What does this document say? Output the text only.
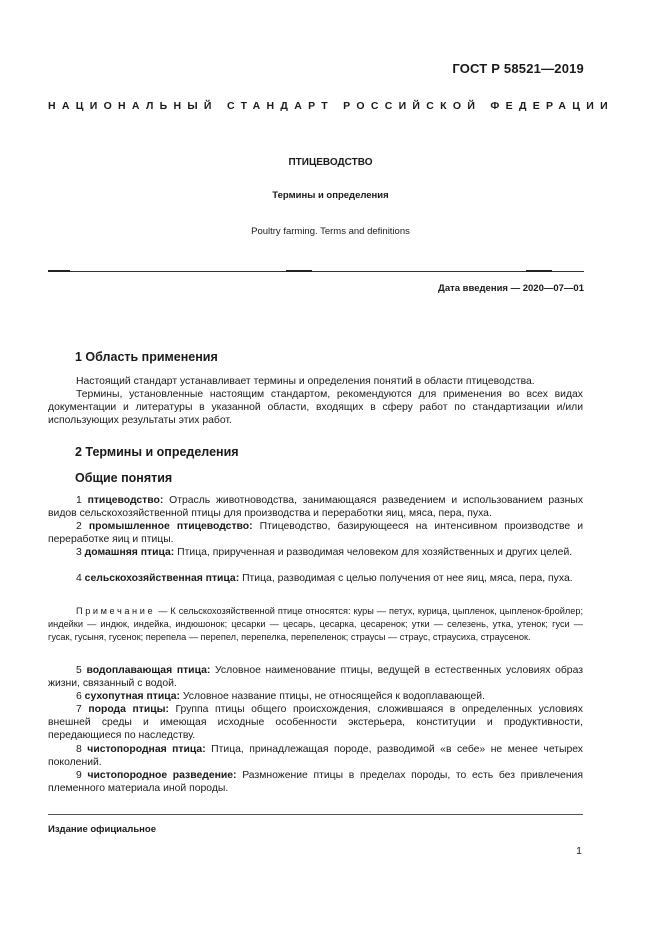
ГОСТ Р 58521—2019
НАЦИОНАЛЬНЫЙ СТАНДАРТ РОССИЙСКОЙ ФЕДЕРАЦИИ
ПТИЦЕВОДСТВО
Термины и определения
Poultry farming. Terms and definitions
Дата введения — 2020—07—01
1 Область применения
Настоящий стандарт устанавливает термины и определения понятий в области птицеводства.
Термины, установленные настоящим стандартом, рекомендуются для применения во всех видах документации и литературы в указанной области, входящих в сферу работ по стандартизации и/или использующих результаты этих работ.
2 Термины и определения
Общие понятия
1 птицеводство: Отрасль животноводства, занимающаяся разведением и использованием разных видов сельскохозяйственной птицы для производства и переработки яиц, мяса, пера, пуха.
2 промышленное птицеводство: Птицеводство, базирующееся на интенсивном производстве и переработке яиц и птицы.
3 домашняя птица: Птица, прирученная и разводимая человеком для хозяйственных и других целей.
4 сельскохозяйственная птица: Птица, разводимая с целью получения от нее яиц, мяса, пера, пуха.
Примечание — К сельскохозяйственной птице относятся: куры — петух, курица, цыпленок, цыпленок-бройлер; индейки — индюк, индейка, индюшонок; цесарки — цесарь, цесарка, цесаренок; утки — селезень, утка, утенок; гуси — гусак, гусыня, гусенок; перепела — перепел, перепелка, перепеленок; страусы — страус, страусиха, страусенок.
5 водоплавающая птица: Условное наименование птицы, ведущей в естественных условиях образ жизни, связанный с водой.
6 сухопутная птица: Условное название птицы, не относящейся к водоплавающей.
7 порода птицы: Группа птицы общего происхождения, сложившаяся в определенных условиях внешней среды и имеющая исходные особенности экстерьера, конституции и продуктивности, передающиеся по наследству.
8 чистопородная птица: Птица, принадлежащая породе, разводимой «в себе» не менее четырех поколений.
9 чистопородное разведение: Размножение птицы в пределах породы, то есть без привлечения племенного материала иной породы.
Издание официальное
1
